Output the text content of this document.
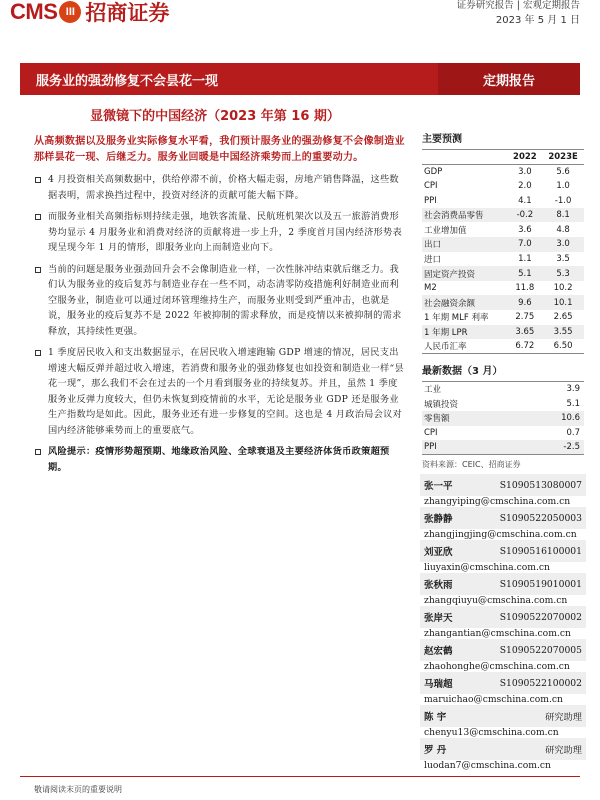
CMS III 招商证券	证券研究报告 | 宏观定期报告
2023 年 5 月 1 日
服务业的强劲修复不会昙花一现	定期报告
显微镜下的中国经济（2023 年第 16 期）
从高频数据以及服务业实际修复水平看，我们预计服务业的强劲修复不会像制造业那样昙花一现、后继乏力。服务业回暖是中国经济乘势而上的重要动力。
4 月投资相关高频数据中，供给停滞不前，价格大幅走弱，房地产销售降温，这些数据表明，需求换挡过程中，投资对经济的贡献可能大幅下降。
而服务业相关高频指标则持续走强，地铁客流量、民航班机架次以及五一旅游消费形势均显示 4 月服务业和消费对经济的贡献将进一步上升，2 季度首月国内经济形势表现呈现今年 1 月的情形，即服务业向上而制造业向下。
当前的问题是服务业强劲回升会不会像制造业一样，一次性脉冲结束就后继乏力。我们认为服务业的疫后复苏与制造业存在一些不同，动态清零防疫措施利好制造业而利空服务业，制造业可以通过闭环管理维持生产，而服务业则受到严重冲击，也就是说，服务业的疫后复苏不是 2022 年被抑制的需求释放，而是疫情以来被抑制的需求释放，其持续性更强。
1 季度居民收入和支出数据显示，在居民收入增速跑输 GDP 增速的情况，居民支出增速大幅反弹并超过收入增速，若消费和服务业的强劲修复也如投资和制造业一样“昙花一现”，那么我们不会在过去的一个月看到服务业的持续复苏。并且，虽然 1 季度服务业反弹力度较大，但仍未恢复到疫情前的水平，无论是服务业 GDP 还是服务业生产指数均是如此。因此，服务业还有进一步修复的空间。这也是 4 月政治局会议对国内经济能够乘势而上的重要底气。
风险提示：疫情形势超预期、地缘政治风险、全球衰退及主要经济体货币政策超预期。
主要预测
	2022	2023E
GDP	3.0	5.6
CPI	2.0	1.0
PPI	4.1	-1.0
社会消费品零售	-0.2	8.1
工业增加值	3.6	4.8
出口	7.0	3.0
进口	1.1	3.5
固定资产投资	5.1	5.3
M2	11.8	10.2
社会融资余额	9.6	10.1
1 年期 MLF 利率	2.75	2.65
1 年期 LPR	3.65	3.55
人民币汇率	6.72	6.50
最新数据（3 月）
工业	3.9
城镇投资	5.1
零售额	10.6
CPI	0.7
PPI	-2.5
资料来源：CEIC、招商证券
张一平	S1090513080007
zhangyiping@cmschina.com.cn
张静静	S1090522050003
zhangjingjing@cmschina.com.cn
刘亚欣	S1090516100001
liuyaxin@cmschina.com.cn
张秋雨	S1090519010001
zhangqiuyu@cmschina.com.cn
张岸天	S1090522070002
zhangantian@cmschina.com.cn
赵宏鹤	S1090522070005
zhaohonghe@cmschina.com.cn
马瑞超	S1090522100002
maruichao@cmschina.com.cn
陈 宇	研究助理
chenyu13@cmschina.com.cn
罗 丹	研究助理
luodan7@cmschina.com.cn
敬请阅读末页的重要说明
